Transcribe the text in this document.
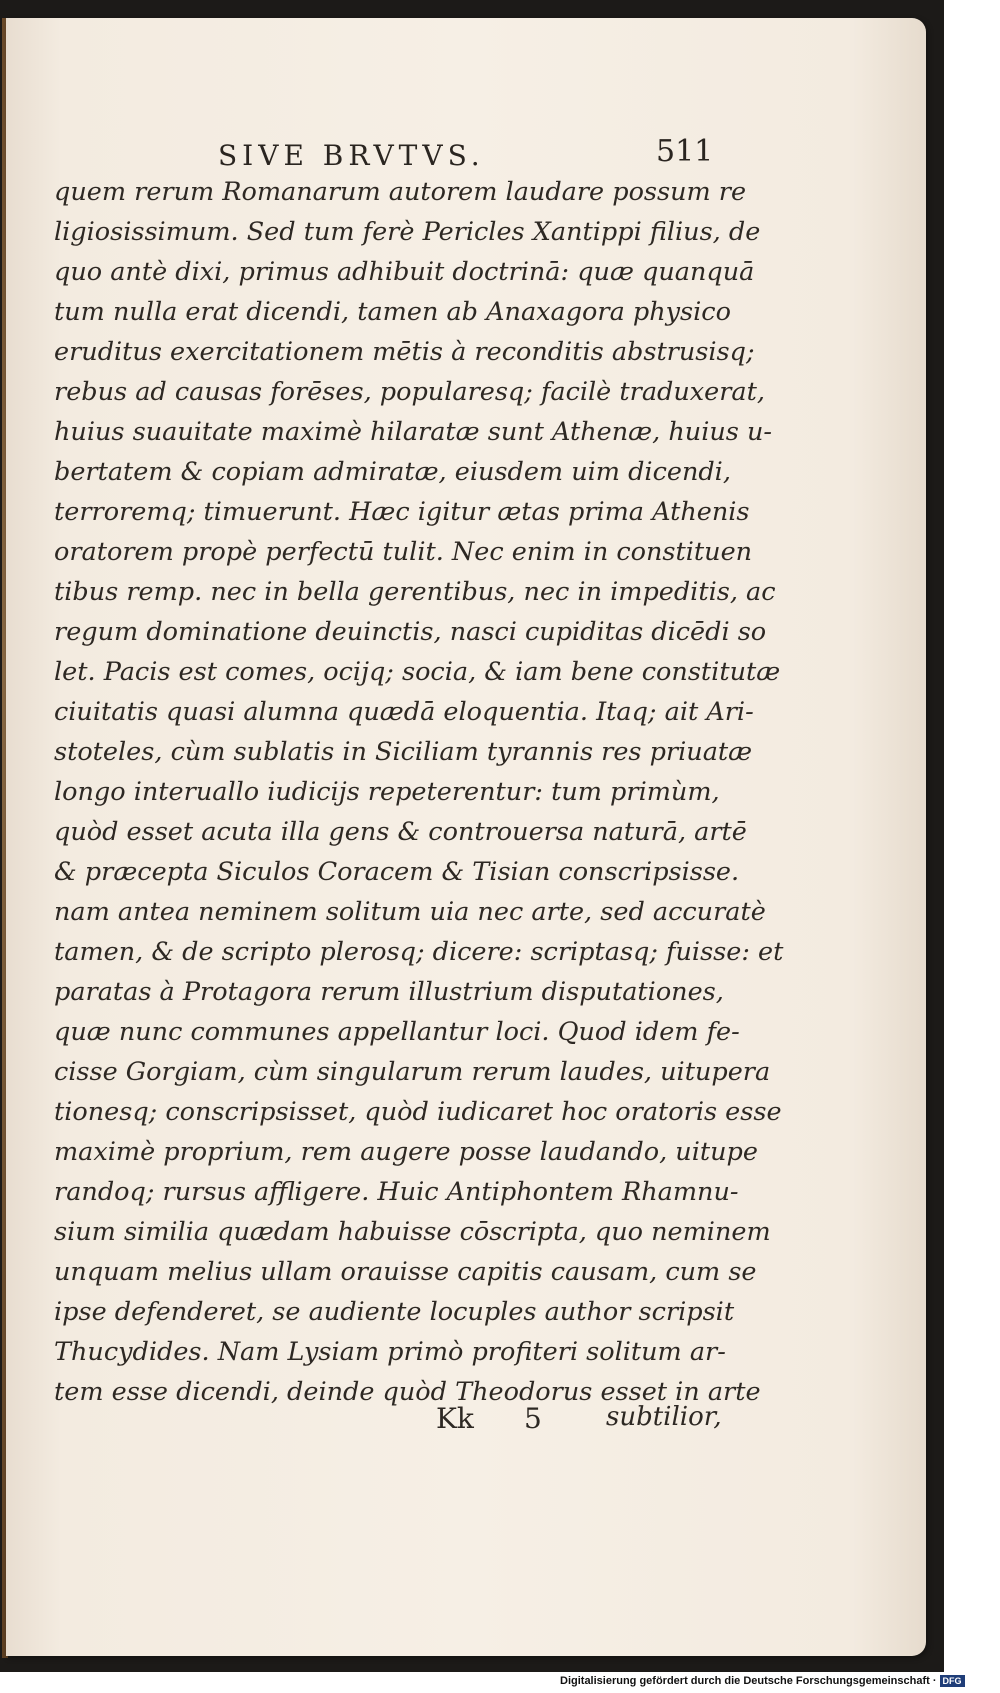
SIVE BRVTVS.	511
quem rerum Romanarum autorem laudare possum re
ligiosissimum. Sed tum ferè Pericles Xantippi filius, de
quo antè dixi, primus adhibuit doctrinā: quæ quanquā
tum nulla erat dicendi, tamen ab Anaxagora physico
eruditus exercitationem mētis à reconditis abstrusisq;
rebus ad causas forēses, popularesq; facilè traduxerat,
huius suauitate maximè hilaratæ sunt Athenæ, huius u-
bertatem & copiam admiratæ, eiusdem uim dicendi,
terroremq; timuerunt. Hæc igitur ætas prima Athenis
oratorem propè perfectū tulit. Nec enim in constituen
tibus remp. nec in bella gerentibus, nec in impeditis, ac
regum dominatione deuinctis, nasci cupiditas dicēdi so
let. Pacis est comes, ocijq; socia, & iam bene constitutæ
ciuitatis quasi alumna quædā eloquentia. Itaq; ait Ari-
stoteles, cùm sublatis in Siciliam tyrannis res priuatæ
longo interuallo iudicijs repeterentur: tum primùm,
quòd esset acuta illa gens & controuersa naturā, artē
& præcepta Siculos Coracem & Tisian conscripsisse.
nam antea neminem solitum uia nec arte, sed accuratè
tamen, & de scripto plerosq; dicere: scriptasq; fuisse: et
paratas à Protagora rerum illustrium disputationes,
quæ nunc communes appellantur loci. Quod idem fe-
cisse Gorgiam, cùm singularum rerum laudes, uitupera
tionesq; conscripsisset, quòd iudicaret hoc oratoris esse
maximè proprium, rem augere posse laudando, uitupe
randoq; rursus affligere. Huic Antiphontem Rhamnu-
sium similia quædam habuisse cōscripta, quo neminem
unquam melius ullam orauisse capitis causam, cum se
ipse defenderet, se audiente locuples author scripsit
Thucydides. Nam Lysiam primò profiteri solitum ar-
tem esse dicendi, deinde quòd Theodorus esset in arte
Kk 5 subtilior,
Digitalisierung gefördert durch die Deutsche Forschungsgemeinschaft · DFG
